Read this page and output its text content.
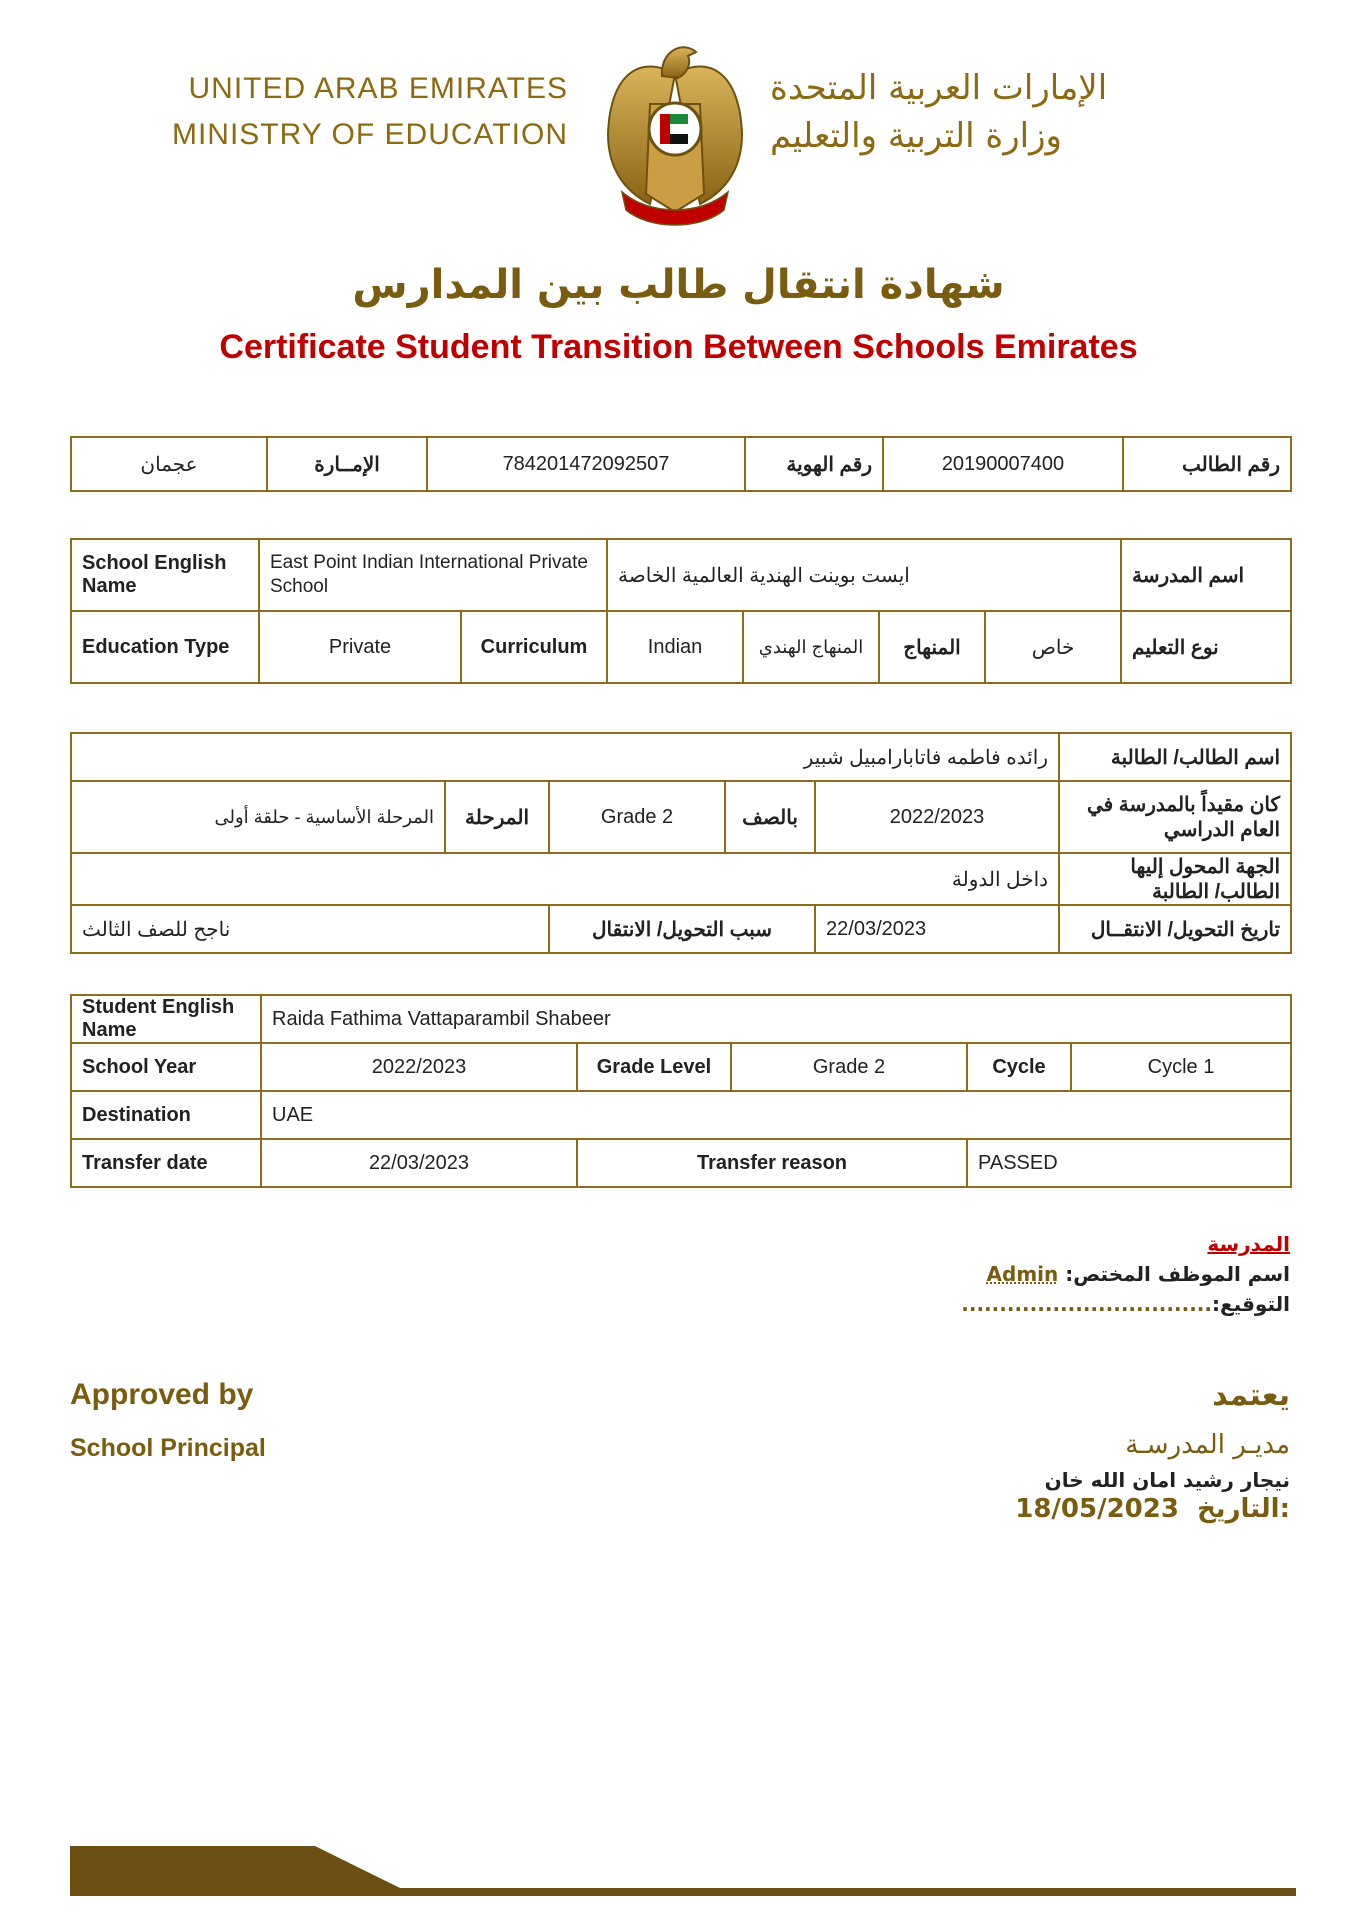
UNITED ARAB EMIRATES
MINISTRY OF EDUCATION
الإمارات العربية المتحدة
وزارة التربية والتعليم
شهادة انتقال طالب بين المدارس
Certificate Student Transition Between Schools Emirates
رقم الطالب	20190007400	رقم الهوية	784201472092507	الإمــارة	عجمان
School English Name	East Point Indian International Private School		ايست بوينت الهندية العالمية الخاصة				اسم المدرسة
Education Type	Private	Curriculum	Indian	المنهاج الهندي	المنهاج	خاص	نوع التعليم
اسم الطالب/ الطالبة	رائده فاطمه فاتابارامبيل شبير				
كان مقيداً بالمدرسة في العام الدراسي	2022/2023	بالصف	Grade 2	المرحلة	المرحلة الأساسية - حلقة أولى
الجهة المحول إليها الطالب/ الطالبة	داخل الدولة				
تاريخ التحويل/ الانتقــال	22/03/2023	سبب التحويل/ الانتقال		ناجح للصف الثالث	
Student English Name	Raida Fathima Vattaparambil Shabeer				
School Year	2022/2023	Grade Level	Grade 2	Cycle	Cycle 1
Destination	UAE				
Transfer date	22/03/2023	Transfer reason		PASSED	
المدرسة
اسم الموظف المختص: Admin
التوقيع:.................................
Approved by
School Principal
يعتمد
مديـر المدرسـة
نيجار رشيد امان الله خان
18/05/2023 التاريخ:
